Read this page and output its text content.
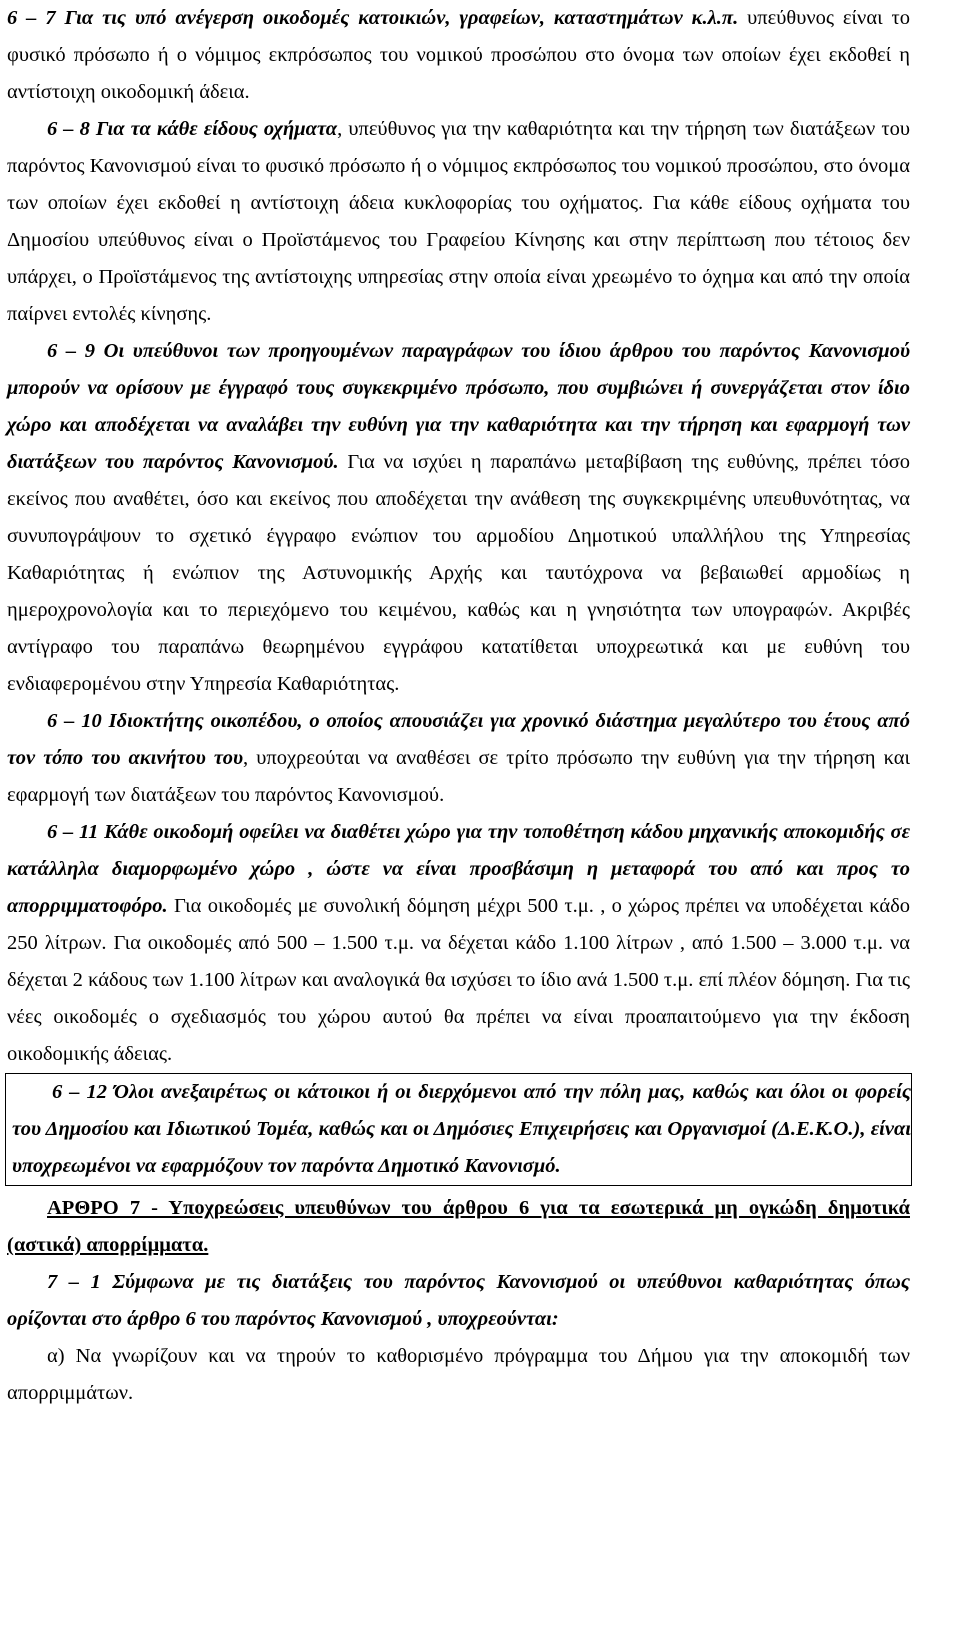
6 – 7 Για τις υπό ανέγερση οικοδομές κατοικιών, γραφείων, καταστημάτων κ.λ.π. υπεύθυνος είναι το φυσικό πρόσωπο ή ο νόμιμος εκπρόσωπος του νομικού προσώπου στο όνομα των οποίων έχει εκδοθεί η αντίστοιχη οικοδομική άδεια.

6 – 8 Για τα κάθε είδους οχήματα, υπεύθυνος για την καθαριότητα και την τήρηση των διατάξεων του παρόντος Κανονισμού είναι το φυσικό πρόσωπο ή ο νόμιμος εκπρόσωπος του νομικού προσώπου, στο όνομα των οποίων έχει εκδοθεί η αντίστοιχη άδεια κυκλοφορίας του οχήματος. Για κάθε είδους οχήματα του Δημοσίου υπεύθυνος είναι ο Προϊστάμενος του Γραφείου Κίνησης και στην περίπτωση που τέτοιος δεν υπάρχει, ο Προϊστάμενος της αντίστοιχης υπηρεσίας στην οποία είναι χρεωμένο το όχημα και από την οποία παίρνει εντολές κίνησης.

6 – 9 Οι υπεύθυνοι των προηγουμένων παραγράφων του ίδιου άρθρου του παρόντος Κανονισμού μπορούν να ορίσουν με έγγραφό τους συγκεκριμένο πρόσωπο, που συμβιώνει ή συνεργάζεται στον ίδιο χώρο και αποδέχεται να αναλάβει την ευθύνη για την καθαριότητα και την τήρηση και εφαρμογή των διατάξεων του παρόντος Κανονισμού. Για να ισχύει η παραπάνω μεταβίβαση της ευθύνης, πρέπει τόσο εκείνος που αναθέτει, όσο και εκείνος που αποδέχεται την ανάθεση της συγκεκριμένης υπευθυνότητας, να συνυπογράψουν το σχετικό έγγραφο ενώπιον του αρμοδίου Δημοτικού υπαλλήλου της Υπηρεσίας Καθαριότητας ή ενώπιον της Αστυνομικής Αρχής και ταυτόχρονα να βεβαιωθεί αρμοδίως η ημεροχρονολογία και το περιεχόμενο του κειμένου, καθώς και η γνησιότητα των υπογραφών. Ακριβές αντίγραφο του παραπάνω θεωρημένου εγγράφου κατατίθεται υποχρεωτικά και με ευθύνη του ενδιαφερομένου στην Υπηρεσία Καθαριότητας.

6 – 10 Ιδιοκτήτης οικοπέδου, ο οποίος απουσιάζει για χρονικό διάστημα μεγαλύτερο του έτους από τον τόπο του ακινήτου του, υποχρεούται να αναθέσει σε τρίτο πρόσωπο την ευθύνη για την τήρηση και εφαρμογή των διατάξεων του παρόντος Κανονισμού.

6 – 11 Κάθε οικοδομή οφείλει να διαθέτει χώρο για την τοποθέτηση κάδου μηχανικής αποκομιδής σε κατάλληλα διαμορφωμένο χώρο , ώστε να είναι προσβάσιμη η μεταφορά του από και προς το απορριμματοφόρο. Για οικοδομές με συνολική δόμηση μέχρι 500 τ.μ. , ο χώρος πρέπει να υποδέχεται κάδο 250 λίτρων. Για οικοδομές από 500 – 1.500 τ.μ. να δέχεται κάδο 1.100 λίτρων , από 1.500 – 3.000 τ.μ. να δέχεται 2 κάδους των 1.100 λίτρων και αναλογικά θα ισχύσει το ίδιο ανά 1.500 τ.μ. επί πλέον δόμηση. Για τις νέες οικοδομές ο σχεδιασμός του χώρου αυτού θα πρέπει να είναι προαπαιτούμενο για την έκδοση οικοδομικής άδειας.

6 – 12 Όλοι ανεξαιρέτως οι κάτοικοι ή οι διερχόμενοι από την πόλη μας, καθώς και όλοι οι φορείς του Δημοσίου και Ιδιωτικού Τομέα, καθώς και οι Δημόσιες Επιχειρήσεις και Οργανισμοί (Δ.Ε.Κ.Ο.), είναι υποχρεωμένοι να εφαρμόζουν τον παρόντα Δημοτικό Κανονισμό.

ΑΡΘΡΟ 7 - Υποχρεώσεις υπευθύνων του άρθρου 6 για τα εσωτερικά μη ογκώδη δημοτικά (αστικά) απορρίμματα.

7 – 1 Σύμφωνα με τις διατάξεις του παρόντος Κανονισμού οι υπεύθυνοι καθαριότητας όπως ορίζονται στο άρθρο 6 του παρόντος Κανονισμού , υποχρεούνται:

α) Να γνωρίζουν και να τηρούν το καθορισμένο πρόγραμμα του Δήμου για την αποκομιδή των απορριμμάτων.
